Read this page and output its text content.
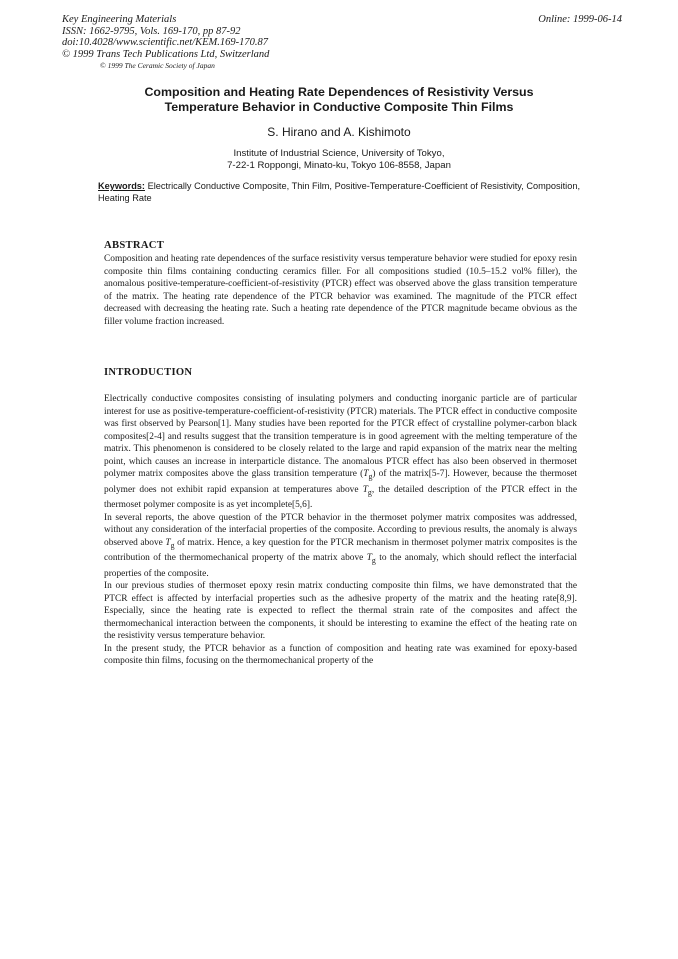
Key Engineering Materials
ISSN: 1662-9795, Vols. 169-170, pp 87-92
doi:10.4028/www.scientific.net/KEM.169-170.87
© 1999 Trans Tech Publications Ltd, Switzerland
© 1999 The Ceramic Society of Japan
Online: 1999-06-14
Composition and Heating Rate Dependences of Resistivity Versus
Temperature Behavior in Conductive Composite Thin Films
S. Hirano and A. Kishimoto
Institute of Industrial Science, University of Tokyo,
7-22-1 Roppongi, Minato-ku, Tokyo 106-8558, Japan
Keywords: Electrically Conductive Composite, Thin Film, Positive-Temperature-Coefficient of Resistivity, Composition, Heating Rate
ABSTRACT

Composition and heating rate dependences of the surface resistivity versus temperature behavior were studied for epoxy resin composite thin films containing conducting ceramics filler. For all compositions studied (10.5–15.2 vol% filler), the anomalous positive-temperature-coefficient-of-resistivity (PTCR) effect was observed above the glass transition temperature of the matrix. The heating rate dependence of the PTCR behavior was examined. The magnitude of the PTCR effect decreased with decreasing the heating rate. Such a heating rate dependence of the PTCR magnitude became obvious as the filler volume fraction increased.

INTRODUCTION

Electrically conductive composites consisting of insulating polymers and conducting inorganic particle are of particular interest for use as positive-temperature-coefficient-of-resistivity (PTCR) materials. The PTCR effect in conductive composite was first observed by Pearson[1]. Many studies have been reported for the PTCR effect of crystalline polymer-carbon black composites[2-4] and results suggest that the transition temperature is in good agreement with the melting temperature of the matrix. This phenomenon is considered to be closely related to the large and rapid expansion of the matrix near the melting point, which causes an increase in interparticle distance. The anomalous PTCR effect has also been observed in thermoset polymer matrix composites above the glass transition temperature $(T_g)$ of the matrix[5-7]. However, because the thermoset polymer does not exhibit rapid expansion at temperatures above $T_g$, the detailed description of the PTCR effect in the thermoset polymer composite is as yet incomplete[5,6].

In several reports, the above question of the PTCR behavior in the thermoset polymer matrix composites was addressed, without any consideration of the interfacial properties of the composite. According to previous results, the anomaly is always observed above $T_g$ of matrix. Hence, a key question for the PTCR mechanism in thermoset polymer matrix composites is the contribution of the thermomechanical property of the matrix above $T_g$ to the anomaly, which should reflect the interfacial properties of the composite.

In our previous studies of thermoset epoxy resin matrix conducting composite thin films, we have demonstrated that the PTCR effect is affected by interfacial properties such as the adhesive property of the matrix and the heating rate[8,9]. Especially, since the heating rate is expected to reflect the thermal strain rate of the composites and affect the thermomechanical interaction between the components, it should be interesting to examine the effect of the heating rate on the resistivity versus temperature behavior.

In the present study, the PTCR behavior as a function of composition and heating rate was examined for epoxy-based composite thin films, focusing on the thermomechanical property of the
